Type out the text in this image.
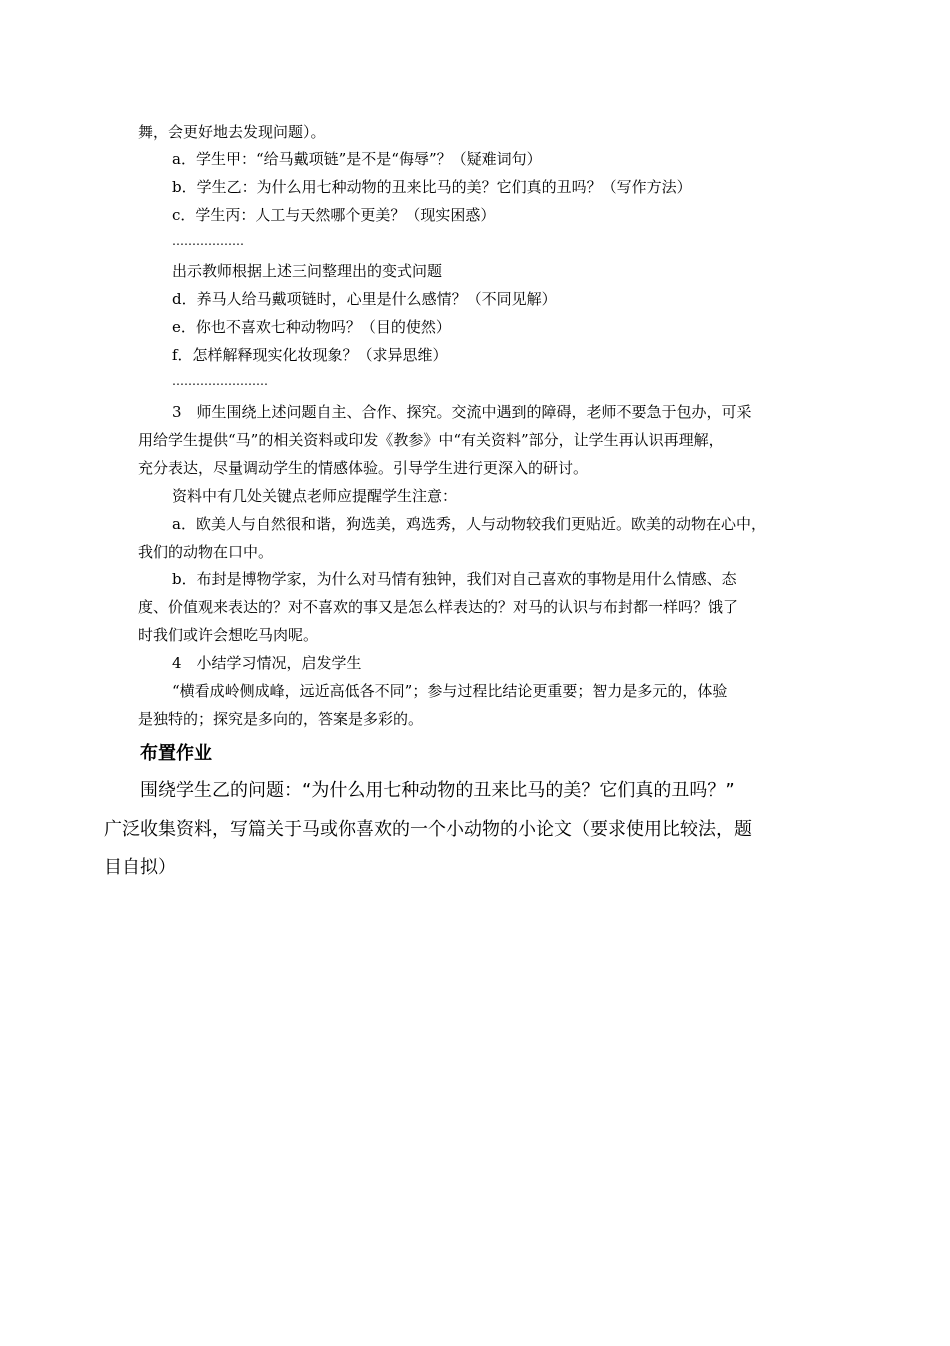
舞，会更好地去发现问题）。
a．学生甲：“给马戴项链”是不是“侮辱”？（疑难词句）
b．学生乙：为什么用七种动物的丑来比马的美？它们真的丑吗？（写作方法）
c．学生丙：人工与天然哪个更美？（现实困惑）
………………
出示教师根据上述三问整理出的变式问题
d．养马人给马戴项链时，心里是什么感情？（不同见解）
e．你也不喜欢七种动物吗？（目的使然）
f．怎样解释现实化妆现象？（求异思维）
……………………
3　师生围绕上述问题自主、合作、探究。交流中遇到的障碍，老师不要急于包办，可采
用给学生提供“马”的相关资料或印发《教参》中“有关资料”部分，让学生再认识再理解，
充分表达，尽量调动学生的情感体验。引导学生进行更深入的研讨。
资料中有几处关键点老师应提醒学生注意：
a．欧美人与自然很和谐，狗选美，鸡选秀，人与动物较我们更贴近。欧美的动物在心中，
我们的动物在口中。
b．布封是博物学家，为什么对马情有独钟，我们对自己喜欢的事物是用什么情感、态
度、价值观来表达的？对不喜欢的事又是怎么样表达的？对马的认识与布封都一样吗？饿了
时我们或许会想吃马肉呢。
4　小结学习情况，启发学生
“横看成岭侧成峰，远近高低各不同”；参与过程比结论更重要；智力是多元的，体验
是独特的；探究是多向的，答案是多彩的。
布置作业
围绕学生乙的问题：“为什么用七种动物的丑来比马的美？它们真的丑吗？”
广泛收集资料，写篇关于马或你喜欢的一个小动物的小论文（要求使用比较法，题
目自拟）
